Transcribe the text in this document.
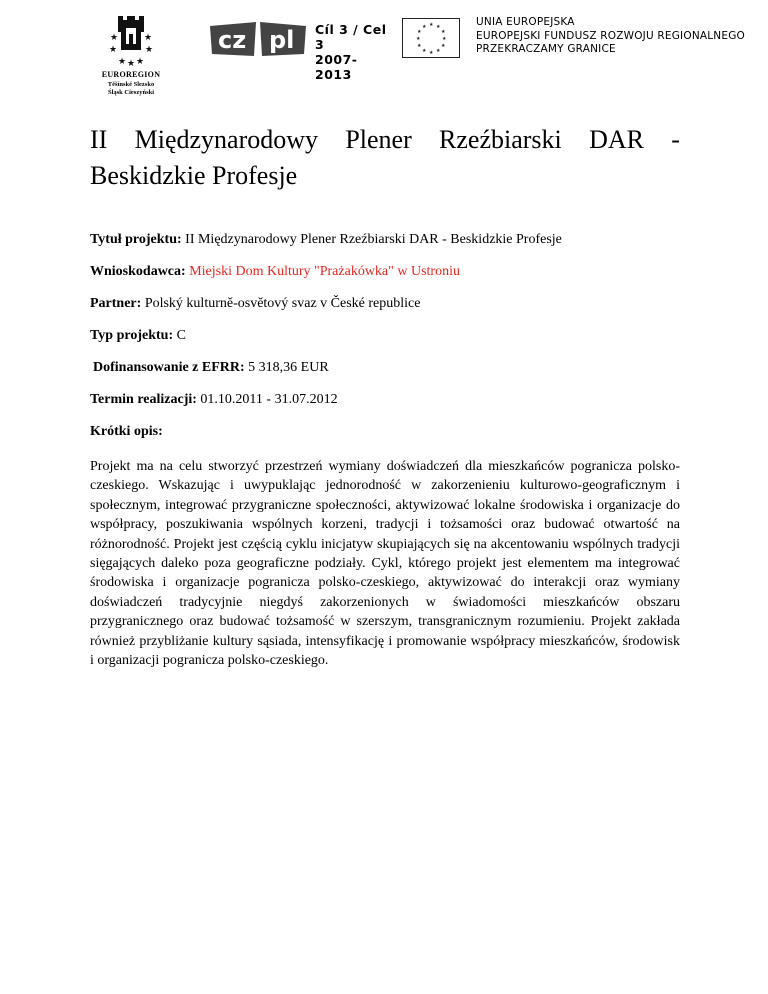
★	★
★	★
★ ★ ★
EUROREGION
Těšínské Slezsko
Śląsk Cieszyński
cz pl Cíl 3 / Cel 3
2007-2013
★ ★
★
★
★
★
★
★
★
★
★
★	UNIA EUROPEJSKA
EUROPEJSKI FUNDUSZ ROZWOJU REGIONALNEGO
PRZEKRACZAMY GRANICE
II Międzynarodowy Plener Rzeźbiarski DAR -
Beskidzkie Profesje

Tytuł projektu: II Międzynarodowy Plener Rzeźbiarski DAR - Beskidzkie Profesje

Wnioskodawca: Miejski Dom Kultury "Prażakówka" w Ustroniu

Partner: Polský kulturně-osvětový svaz v České republice

Typ projektu: C

Dofinansowanie z EFRR: 5 318,36 EUR

Termin realizacji: 01.10.2011 - 31.07.2012

Krótki opis:

Projekt ma na celu stworzyć przestrzeń wymiany doświadczeń dla mieszkańców pogranicza polsko-czeskiego. Wskazując i uwypuklając jednorodność w zakorzenieniu kulturowo-geograficznym i społecznym, integrować przygraniczne społeczności, aktywizować lokalne środowiska i organizacje do współpracy, poszukiwania wspólnych korzeni, tradycji i tożsamości oraz budować otwartość na różnorodność. Projekt jest częścią cyklu inicjatyw skupiających się na akcentowaniu wspólnych tradycji sięgających daleko poza geograficzne podziały. Cykl, którego projekt jest elementem ma integrować środowiska i organizacje pogranicza polsko-czeskiego, aktywizować do interakcji oraz wymiany doświadczeń tradycyjnie niegdyś zakorzenionych w świadomości mieszkańców obszaru przygranicznego oraz budować tożsamość w szerszym, transgranicznym rozumieniu. Projekt zakłada również przybliżanie kultury sąsiada, intensyfikację i promowanie współpracy mieszkańców, środowisk i organizacji pogranicza polsko-czeskiego.
